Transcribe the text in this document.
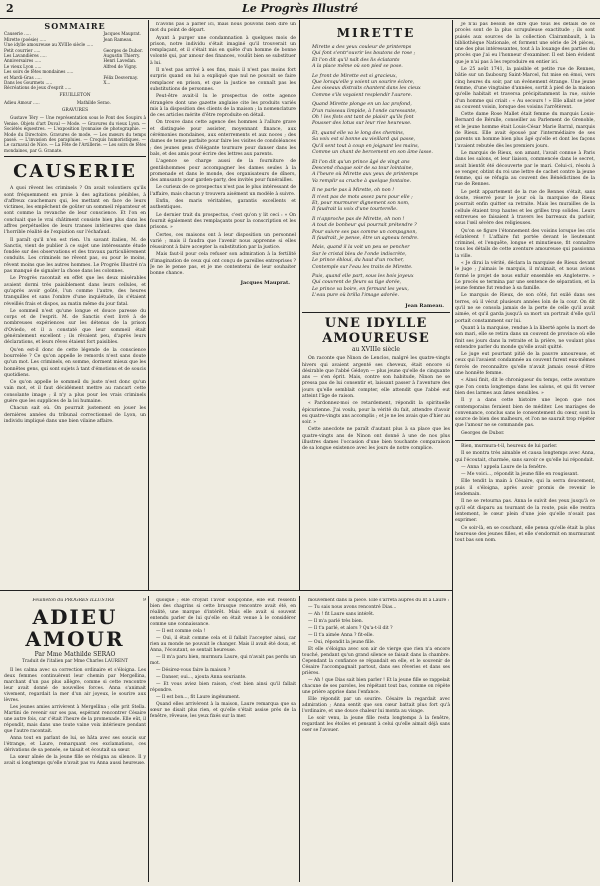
2	Le Progrès Illustré
SOMMAIRE
Causerie .....	Jacques Mauprat.
Mirette (poésie) .....	Jean Rameau.
Une idylle amoureuse au XVIIIe siècle .....	
Petit courrier .....	Georges de Dubor.
Les Lavandières .....	Augustin Thierry.
Anniversaires .....	Henri Lavedan.
Le vieux Lyon .....	Alfred de Vigny.
Les soirs de fêtes mondaines .....	
et Mardi-Gras .....	Félix Desvernay.
Dans les Gourmets .....	X...
Récréations de jeux d'esprit .....	
FEUILLETON
Adieu Amour .....	Mathilde Serao.
GRAVURES

Gustave Téry — Une représentation sous le Pont des Soupirs à Venise. Objets d'art Duval — Mode. — Gravures du vieux Lyon. — Sociétés équestres. — L'exposition lyonnaise de photographie. — Mode du Directoire. Gravures de mode. — Les mœurs du temps passé. — L'invasion des parapluies. — Croquis humoristiques. — Le carnaval de Nice. — La Fête de l'Artillerie. — Les soirs de fêtes mondaines, par G. Granate.

CAUSERIE

A quoi rêvent les criminels ? On avait volontiers qu'ils sont fréquemment en proie à des agitations pénibles, à d'affreux cauchemars qui, les mettant en face de leurs victimes, les empêchent de goûter un sommeil réparateur et sont comme la revanche de leur conscience. Et l'on en concluait que le vrai châtiment consiste bien plus dans les affres perpétuelles de leurs transes intérieures que dans l'horrible réalité de l'expiation sur l'échafaud.

Il paraît qu'il n'en est rien. Un savant italien, M. de Sanctis, vient de publier à ce sujet une intéressante étude fondée sur des observations et des travaux particulièrement conduits. Les criminels ne rêvent pas, ou pour le moins, rêvent moins que les autres hommes. Le Progrès Illustré n'a pas manqué de signaler la chose dans les colonnes.

Le Progrès racontait en effet que les deux misérables avaient dormi très paisiblement dans leurs cellules, et qu'après avoir goûté, l'un comme l'autre, des heures tranquilles et sans l'ombre d'une inquiétude, ils s'étaient réveillés frais et dispos, au matin même du jour fatal.

Le sommeil n'est qu'une longue et douce paresse du corps et de l'esprit. M. de Sanctis s'est livré à de nombreuses expériences sur les détenus de la prison d'Oviedo, et il a constaté que leur sommeil était généralement excellent ; ils rêvaient peu, d'après leurs déclarations, et leurs rêves étaient fort paisibles.

Qu'en est-il donc de cette légende de la conscience bourrelée ? Ce qu'on appelle le remords n'est sans doute qu'un mot. Les criminels, en somme, dorment mieux que les honnêtes gens, qui sont sujets à tant d'émotions et de soucis quotidiens.

Ce qu'on appelle le sommeil du juste n'est donc qu'un vain mot, et il faut décidément mettre au rancart cette consolante image ; il n'y a plus pour les vrais criminels guère que les supplices de la loi humaine.

Chacun sait où. On pourrait justement en jouer les dernières années du tribunal correctionnel de Lyon, un individu impliqué dans une bien vilaine affaire.

n'avons pas à parler ici, mais nous pouvons bien dire un mot du point de départ.

Ayant à purger une condamnation à quelques mois de prison, notre individu s'était imaginé qu'il trouverait un remplaçant, et il s'était mis en quête d'un homme de bonne volonté qui, par amour des finances, voulût bien se substituer à lui.

Il n'est pas arrivé à ses fins, mais il n'est pas moins fort surpris quand on lui a expliqué que nul ne pouvait se faire remplacer en prison, et que la justice ne connaît pas les substitutions de personnes.

Peut-être avait-il lu le prospectus de cette agence étrangère dont une gazette anglaise cite les produits variés mis à la disposition des clients de la maison ; la nomenclature de ces articles mérite d'être reproduite en détail.

On trouve dans cette agence des hommes à l'allure grave et distinguée pour assister, moyennant finance, aux cérémonies mondaines, aux enterrements et aux noces ; des dames de tenue parfaite pour faire les visites de condoléances ; des jeunes gens d'élégante tournure pour danser dans les bals, et des amis pour écrire des lettres aux parents.

L'agence se charge aussi de la fourniture de gentilshommes pour accompagner les dames seules à la promenade et dans le monde, des organisateurs de dîners, des amusants pour garden-party, des invités pour funérailles.

Le curieux de ce prospectus n'est pas le plus intéressant de l'affaire, mais chacun y trouvera aisément un modèle à suivre.

Enfin, des maris véritables, garantis excellents et authentiques.

Le dernier trait du prospectus, c'est qu'on y lit ceci : « On fournit également des remplaçants pour la conscription et les prisons. »

Certes, ces maisons ont à leur disposition un personnel varié ; mais il faudra que l'avenir nous apprenne si elles réussiront à faire accepter la substitution par la justice.

Mais faut-il pour cela refuser son admiration à la fertilité d'imagination de ceux qui ont conçu de pareilles entreprises ? Je ne le pense pas, et je me contenterai de leur souhaiter bonne chance.

Jacques Mauprat.
MIRETTE
Mirette a des yeux couleur de printemps
Qui font s'entr'ouvrir les boutons de rose ;
Et l'on dit qu'il naît des lis éclatants
A la place même où son pied se pose.
Le front de Mirette est si gracieux,
Que lorsqu'elle y voient un sourire éclore,
Les oiseaux distraits chantent dans les cieux
Comme s'ils voyaient resplendir l'aurore.
Quand Mirette plonge en un lac profond,
D'un ruisseau limpide, à l'onde caressante,
Oh ! les flots ont tant de plaisir qu'ils font
Pousser des lotus sur leur rive heureuse.
Et, quand elle va le long des chemins,
Sa voix est si bonne au vieillard qui passe,
Qu'il sent tout à coup en joignant les mains,
Comme un chant de bercement en son âme lasse.
Et l'on dit qu'un prince âgé de vingt ans
Descend chaque soir de sa tour lointaine,
A l'heure où Mirette aux yeux de printemps
Va remplir sa cruche à quelque fontaine.
Il ne parle pas à Mirette, oh non !
Il n'est pas de mots assez purs pour elle ;
Et, pour murmurer dignement son nom,
Il faudrait la voix d'une tourterelle.
Il n'approche pas de Mirette, oh non !
A tout de bonheur qui pourrait prétendre ?
Pour suivre ses pas comme un compagnon,
Il faudrait, je pense, être un agneau tendre.
Mais, quand il la voit un peu se pencher
Sur le cristal bleu de l'onde indiscrète,
Le prince ébloui, du haut d'un rocher,
Contemple sur l'eau les traits de Mirette.
Puis, quand elle part, sous les bois joyeux
Qui couvrent de fleurs sa tige dorée,
Le prince va boire, en fermant les yeux,
L'eau pure où brilla l'image adorée.
Jean Rameau.
UNE IDYLLE AMOUREUSE
au XVIIIe siècle

On raconte que Ninon de Lenclos, malgré les quatre-vingts hivers qui avaient argenté ses cheveux, était encore si désirable que l'abbé Gédoyn — plus jeune qu'elle de cinquante ans — s'en éprit. Mais, contre son habitude, Ninon ne se pressa pas de lui consentir et, laissant passer à l'aventure des jours qu'elle semblait compter, elle attendit que l'abbé eut atteint l'âge de raison.

« Pardonnez-moi ce retardement, répondit la spirituelle épicurienne. J'ai voulu, pour la vérité du fait, attendre d'avoir eu quatre-vingts ans accomplis ; et je ne les avais que d'hier au soir. »

Cette anecdote ne paraît d'autant plus à sa place que les quatre-vingts ans de Ninon ont donné à une de nos plus illustres dames l'occasion d'une bien touchante comparaison de sa longue existence avec les jours de notre complice.

Je n'ai pas besoin de dire que tous les détails de ce procès sont de la plus scrupuleuse exactitude ; ils sont puisés aux sources de la collection Clairambault, à la bibliothèque Nationale, et forment une série de 24 pièces, une des plus intéressantes, tout à la louange des parties du procès que j'ai eu l'honneur d'examiner. Il est bien évident que je n'ai pas à les reproduire en entier ici.

Le 25 août 1741, la paisible et petite rue de Rennes, bâtie sur un faubourg Saint-Marcel, fut mise en émoi, vers cinq heures du soir, par un événement étrange. Une jeune femme, d'une vingtaine d'années, sortit à pied de la maison qu'elle habitait et traversa précipitamment la rue, suivie d'un homme qui criait : « Au secours ! » Elle allait se jeter au couvent voisin, lorsque des voisins l'arrêtèrent.

Cette dame Rose Mallet était femme du marquis Louis-Bernard de Bérulle, conseiller au Parlement de Grenoble, et le jeune homme était Louis-César Marie Barral, marquis de Rieux. Elle avait épousé par l'intermédiaire de ses parents un homme bien plus âgé qu'elle et dont les façons l'avaient rebutée dès les premiers jours.

Le marquis de Rieux, son amant, l'avait connue à Paris dans les salons, et leur liaison, commencée dans le secret, avait bientôt été découverte par le mari. Celui-ci, résolu à se venger, obtint du roi une lettre de cachet contre la jeune femme, qui se réfugia au couvent des Bénédictines de la rue de Rennes.

Le petit appartement de la rue de Rennes s'était, sans doute, réservé pour le jour où la marquise de Rieux pourrait enfin quitter sa retraite. Mais les murailles de la cellule étaient trop hautes et les grilles trop solides. Leurs entrevues se faisaient à travers les barreaux du parloir, sous l'œil sévère des religieuses.

Qu'on se figure l'étonnement des voisins lorsque les cris éclatèrent ! L'affaire fut portée devant le lieutenant criminel, et l'enquête, longue et minutieuse, fit connaître tous les détails de cette aventure amoureuse qui passionna la ville.

« Je dirai la vérité, déclara la marquise de Rieux devant le juge ; j'aimais le marquis, il m'aimait, et nous avions formé le projet de nous enfuir ensemble en Angleterre. » Le procès se termina par une sentence de séparation, et la jeune femme fut rendue à sa famille.

Le marquis de Rieux, de son côté, fut exilé dans ses terres, où il vécut plusieurs années loin de la cour. On dit qu'il ne se consola jamais de la perte de celle qu'il avait aimée, et qu'il garda jusqu'à sa mort un portrait d'elle qu'il portait constamment sur lui.

Quant à la marquise, rendue à la liberté après la mort de son mari, elle se retira dans un couvent de province où elle finit ses jours dans la retraite et la prière, ne voulant plus entendre parler du monde qu'elle avait quitté.

Le juge eut pourtant pitié de la pauvre amoureuse, et ceux qui l'avaient condamnée au couvent furent eux-mêmes forcés de reconnaître qu'elle n'avait jamais cessé d'être une honnête femme.

« Ainsi finit, dit le chroniqueur du temps, cette aventure que l'on conta longtemps dans les salons, et qui fit verser bien des larmes aux âmes sensibles. »

Il y a dans cette histoire une leçon que nos contemporains feraient bien de méditer. Les mariages de convenance, conclus sans le consentement du cœur, sont la source de bien des malheurs, et l'on ne saurait trop répéter que l'amour ne se commande pas.

Georges de Dubor.

Bien, murmura-t-il, heureux de lui parler.

Il se montra très aimable et causa longtemps avec Anna, qui l'écoutait, charmée, sans savoir ce qu'elle lui répondait.

— Anna ! appela Laure de la fenêtre.

— Me voici..., répondit la jeune fille en rougissant.

Elle tendit la main à Césaire, qui la serra doucement, puis il s'éloigna, après avoir promis de revenir le lendemain.

Il ne se retourna pas. Anna le suivit des yeux jusqu'à ce qu'il eût disparu au tournant de la route, puis elle rentra lentement, le cœur plein d'une joie qu'elle n'osait pas exprimer.

Ce soir-là, en se couchant, elle pensa qu'elle était la plus heureuse des jeunes filles, et elle s'endormit en murmurant tout bas son nom.

Feuilleton du PROGRÈS ILLUSTRÉ	9
ADIEU AMOUR
Par Mme Mathilde SERAO
Traduit de l'italien par Mme Charles LAURENT

Il les calma avec sa correction ordinaire et s'éloigna. Les deux femmes continuèrent leur chemin par Mergellina, marchant d'un pas plus allègre, comme si cette rencontre leur avait donné de nouvelles forces. Anna s'animait vivement, regardait la mer d'un air joyeux, le sourire aux lèvres.

Les jeunes amies arrivèrent à Mergellina ; elle prit Stella. Martini de revenir sur ses pas, espérant rencontrer Césaire une autre fois, car c'était l'heure de la promenade. Elle eût, il répondit, mais dans une toute vaine voix intérieure pendant que l'autre racontait.

Anna tout en parlant de lui, se hâta avec ses soucis sur l'étrange, et Laure, remarquant ces exclamations, ces dérivations de sa pensée, se taisait et écoutait sa sœur.

La sœur aînée de la jeune fille se résigna au silence. Il y avait si longtemps qu'elle n'avait pas vu Anna aussi heureuse.

quoique ; elle croyait l'avoir soupçonné, elle eût ressenti bien des chagrins si cette brusque rencontre avait été, en réalité, une marque d'intérêt. Mais elle avait si souvent entendu parler de lui qu'elle en était venue à le considérer comme une connaissance.

— Il est comme cela !

— Oui, il était comme cela et il fallait l'accepter ainsi, car rien au monde ne pouvait le changer. Mais il avait été doux, et Anna, l'écoutant, se sentait heureuse.

— Il m'a paru bien, murmura Laure, qui n'avait pas perdu un mot.

— Désirez-vous faire la maison ?

— Danser, oui..., ajouta Anna souriante.

— Et vous aviez bien raison, c'est bien ainsi qu'il fallait répondre.

— Il est bon..., fit Laure ingénument.

Quand elles arrivèrent à la maison, Laure remarqua que sa sœur ne disait plus rien, et qu'elle s'était assise près de la fenêtre, rêveuse, les yeux fixés sur la mer.

mouvement dans la pièce. Elle s'arrêta auprès du lit à Laure :

— Tu sais nous avons rencontré Dias...

— Ah ! fit Laure sans intérêt.

— Il m'a parlé très bien.

— Il t'a parlé, et alors ? Qu'a-t-il dit ?

— Il t'a aimée Anna ? fit-elle.

— Oui, répondit la jeune fille.

Et elle s'éloigna avec son air de vierge que rien n'a encore touché, pendant qu'un grand silence se faisait dans la chambre. Cependant la confiance se répandait en elle, et le souvenir de Césaire l'accompagnait partout, dans ses rêveries et dans ses prières.

— Ah ! que Dias sait bien parler ! Et la jeune fille se rappelait chacune de ses paroles, les répétant tout bas, comme on répète une prière apprise dans l'enfance.

Elle répondit par un sourire. Césaire la regardait avec admiration ; Anna sentit que son cœur battait plus fort qu'à l'ordinaire, et une douce chaleur lui monta au visage.

Le soir venu, la jeune fille resta longtemps à la fenêtre, regardant les étoiles et pensant à celui qu'elle aimait déjà sans oser se l'avouer.
